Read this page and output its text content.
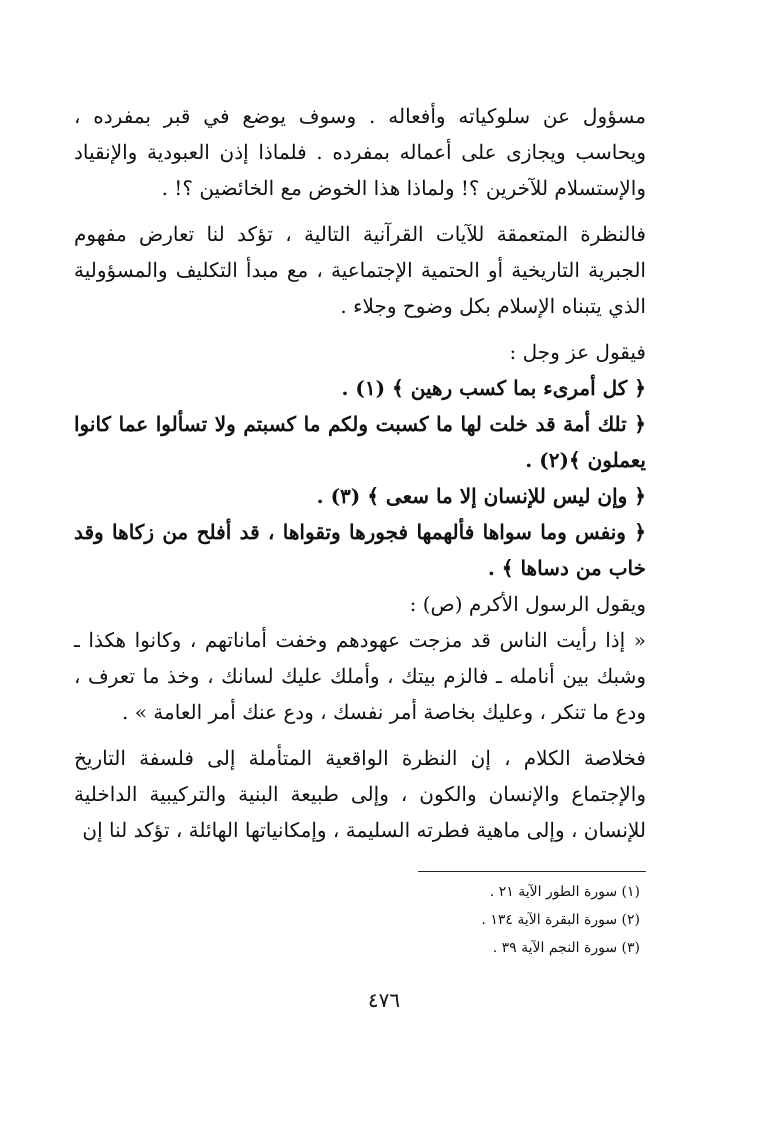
مسؤول عن سلوكياته وأفعاله . وسوف يوضع في قبر بمفرده ، ويحاسب ويجازى على أعماله بمفرده . فلماذا إذن العبودية والإنقياد والإستسلام للآخرين ؟! ولماذا هذا الخوض مع الخائضين ؟! .

فالنظرة المتعمقة للآيات القرآنية التالية ، تؤكد لنا تعارض مفهوم الجبرية التاريخية أو الحتمية الإجتماعية ، مع مبدأ التكليف والمسؤولية الذي يتبناه الإسلام بكل وضوح وجلاء .

فيقول عز وجل :

﴿ كل أمرىء بما كسب رهين ﴾ (١) .

﴿ تلك أمة قد خلت لها ما كسبت ولكم ما كسبتم ولا تسألوا عما كانوا يعملون ﴾(٢) .

﴿ وإن ليس للإنسان إلا ما سعى ﴾ (٣) .

﴿ ونفس وما سواها فألهمها فجورها وتقواها ، قد أفلح من زكاها وقد خاب من دساها ﴾ .

ويقول الرسول الأكرم (ص) :

« إذا رأيت الناس قد مزجت عهودهم وخفت أماناتهم ، وكانوا هكذا ـ وشبك بين أنامله ـ فالزم بيتك ، وأملك عليك لسانك ، وخذ ما تعرف ، ودع ما تنكر ، وعليك بخاصة أمر نفسك ، ودع عنك أمر العامة » .

فخلاصة الكلام ، إن النظرة الواقعية المتأملة إلى فلسفة التاريخ والإجتماع والإنسان والكون ، وإلى طبيعة البنية والتركيبية الداخلية للإنسان ، وإلى ماهية فطرته السليمة ، وإمكانياتها الهائلة ، تؤكد لنا إن

(١) سورة الطور الآية ٢١ .
(٢) سورة البقرة الآية ١٣٤ .
(٣) سورة النجم الآية ٣٩ .
٤٧٦
